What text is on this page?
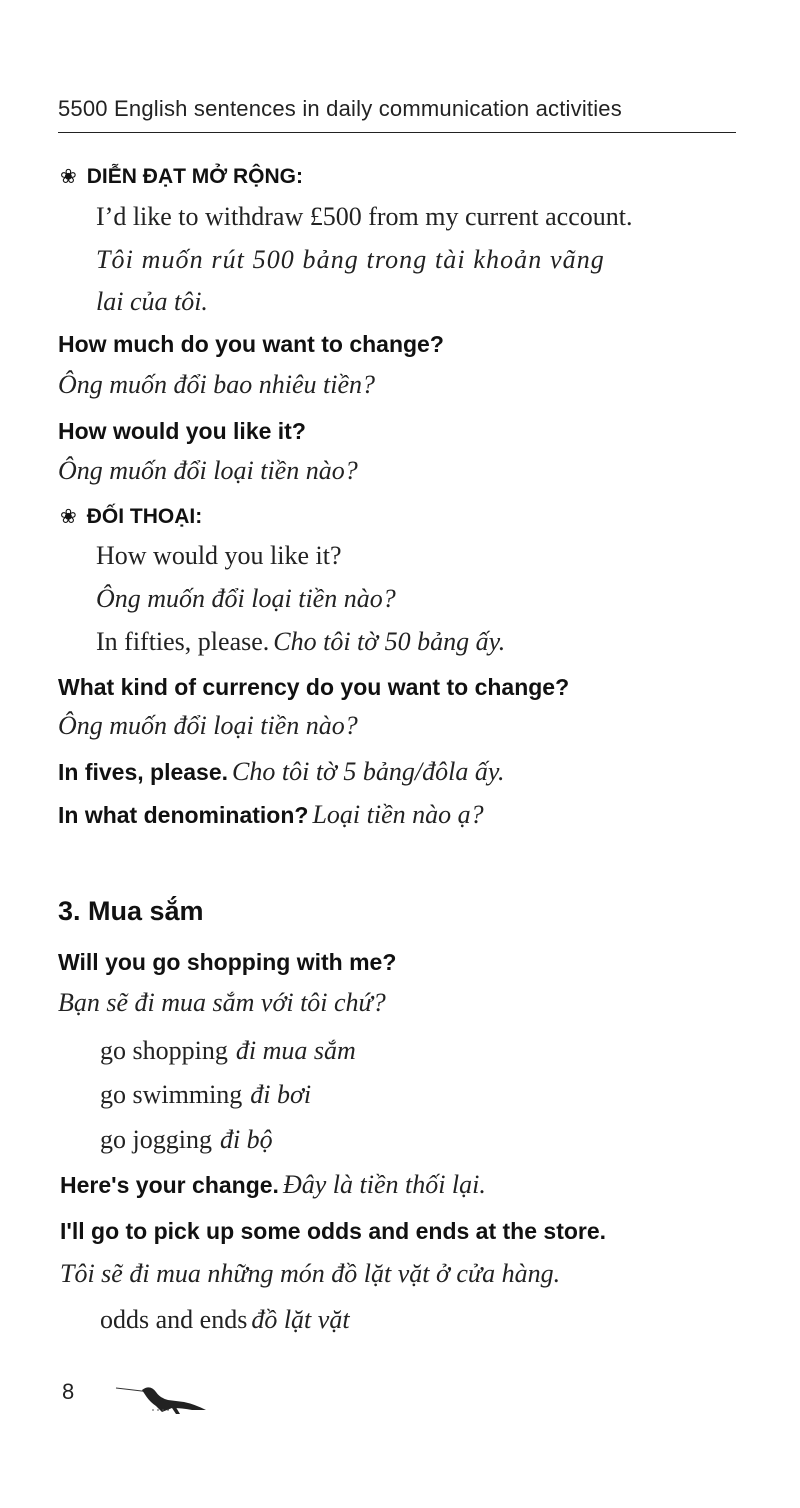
5500 English sentences in daily communication activities
❀ DIỄN ĐẠT MỞ RỘNG:
I’d like to withdraw £500 from my current account.
Tôi muốn rút 500 bảng trong tài khoản vãng
lai của tôi.
How much do you want to change?
Ông muốn đổi bao nhiêu tiền?
How would you like it?
Ông muốn đổi loại tiền nào?
❀ ĐỐI THOẠI:
How would you like it?
Ông muốn đổi loại tiền nào?
In fifties, please. Cho tôi tờ 50 bảng ấy.
What kind of currency do you want to change?
Ông muốn đổi loại tiền nào?
In fives, please. Cho tôi tờ 5 bảng/đôla ấy.
In what denomination? Loại tiền nào ạ?
3. Mua sắm
Will you go shopping with me?
Bạn sẽ đi mua sắm với tôi chứ?
go shopping đi mua sắm
go swimming đi bơi
go jogging đi bộ
Here's your change. Đây là tiền thối lại.
I'll go to pick up some odds and ends at the store.
Tôi sẽ đi mua những món đồ lặt vặt ở cửa hàng.
odds and ends đồ lặt vặt
8
